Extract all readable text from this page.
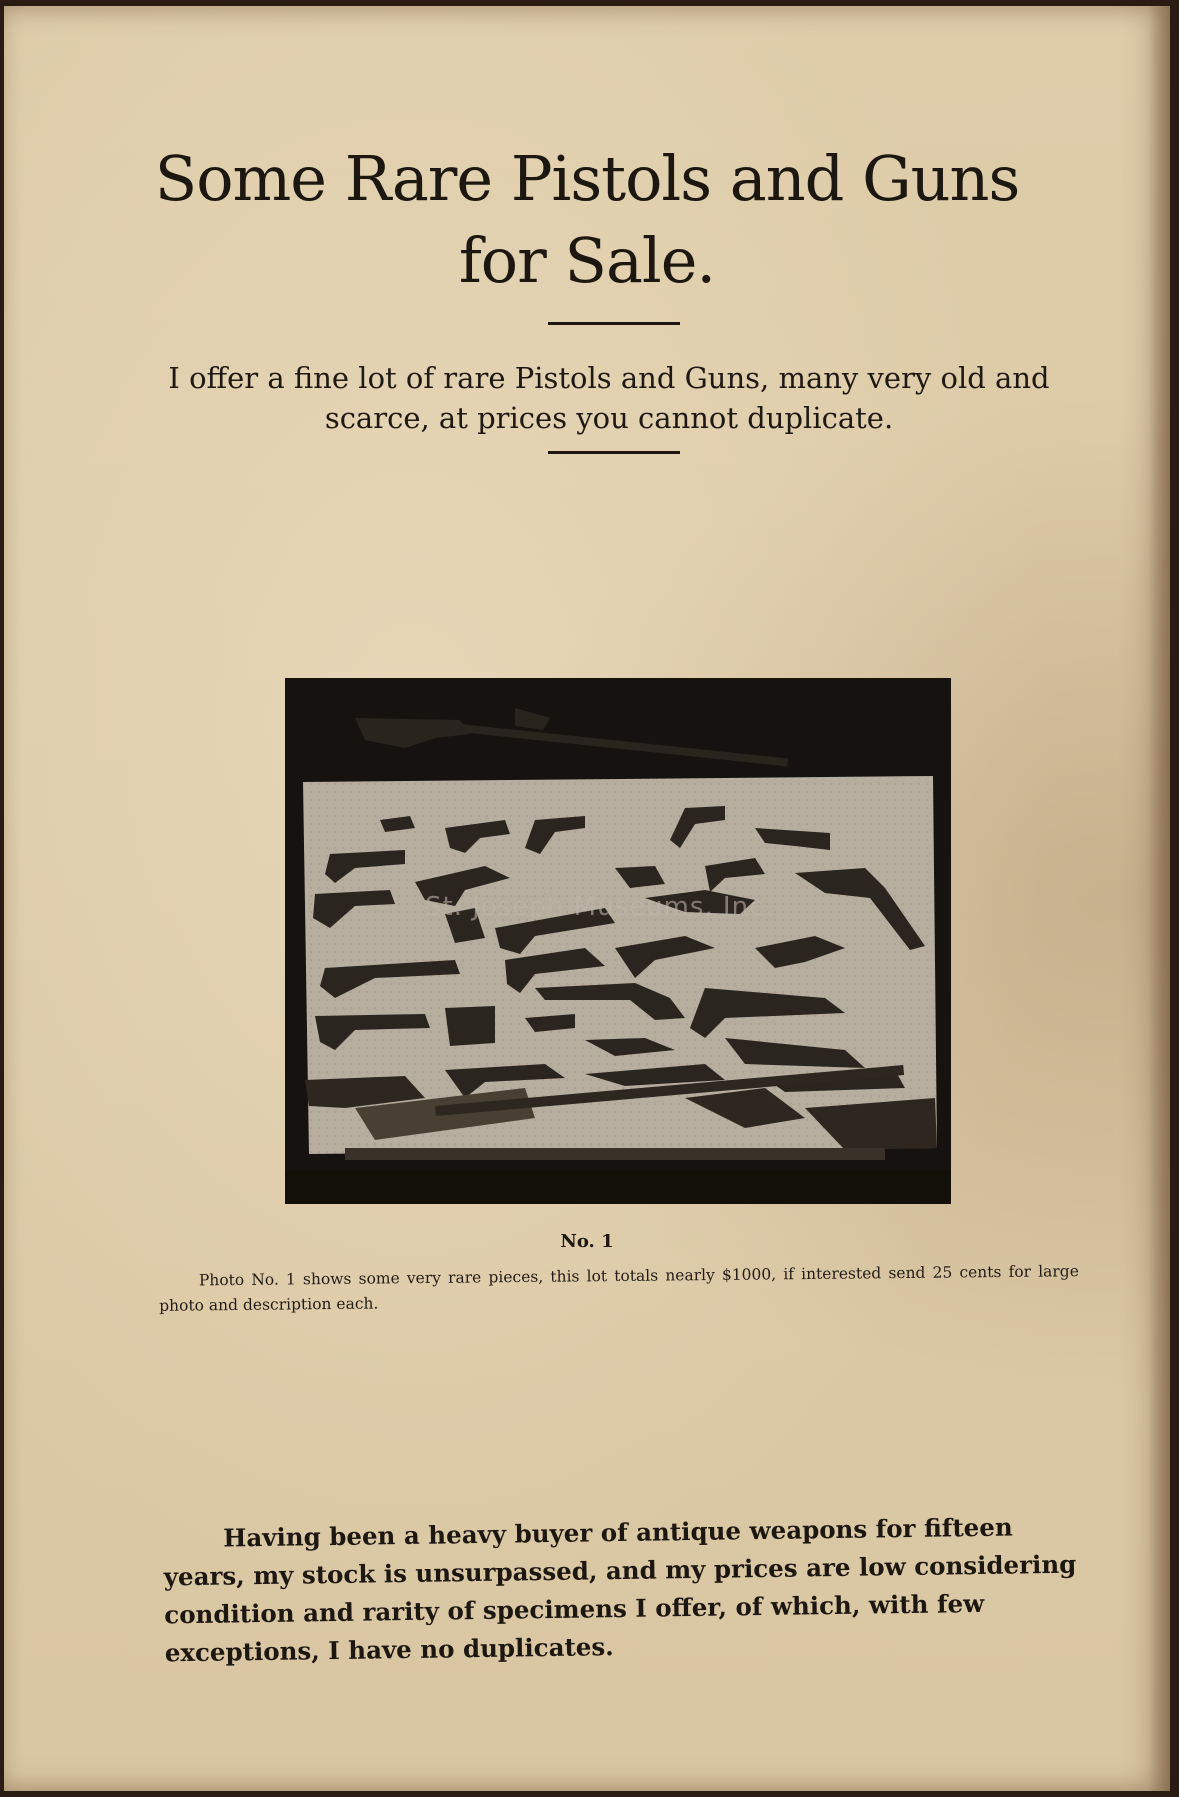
Some Rare Pistols and Guns
for Sale.

I offer a fine lot of rare Pistols and Guns, many very old and scarce, at prices you cannot duplicate.

St. Joseph Museums, Inc.
No. 1

Photo No. 1 shows some very rare pieces, this lot totals nearly $1000, if interested send 25 cents for large photo and description each.

Having been a heavy buyer of antique weapons for fifteen years, my stock is unsurpassed, and my prices are low considering condition and rarity of specimens I offer, of which, with few exceptions, I have no duplicates.
